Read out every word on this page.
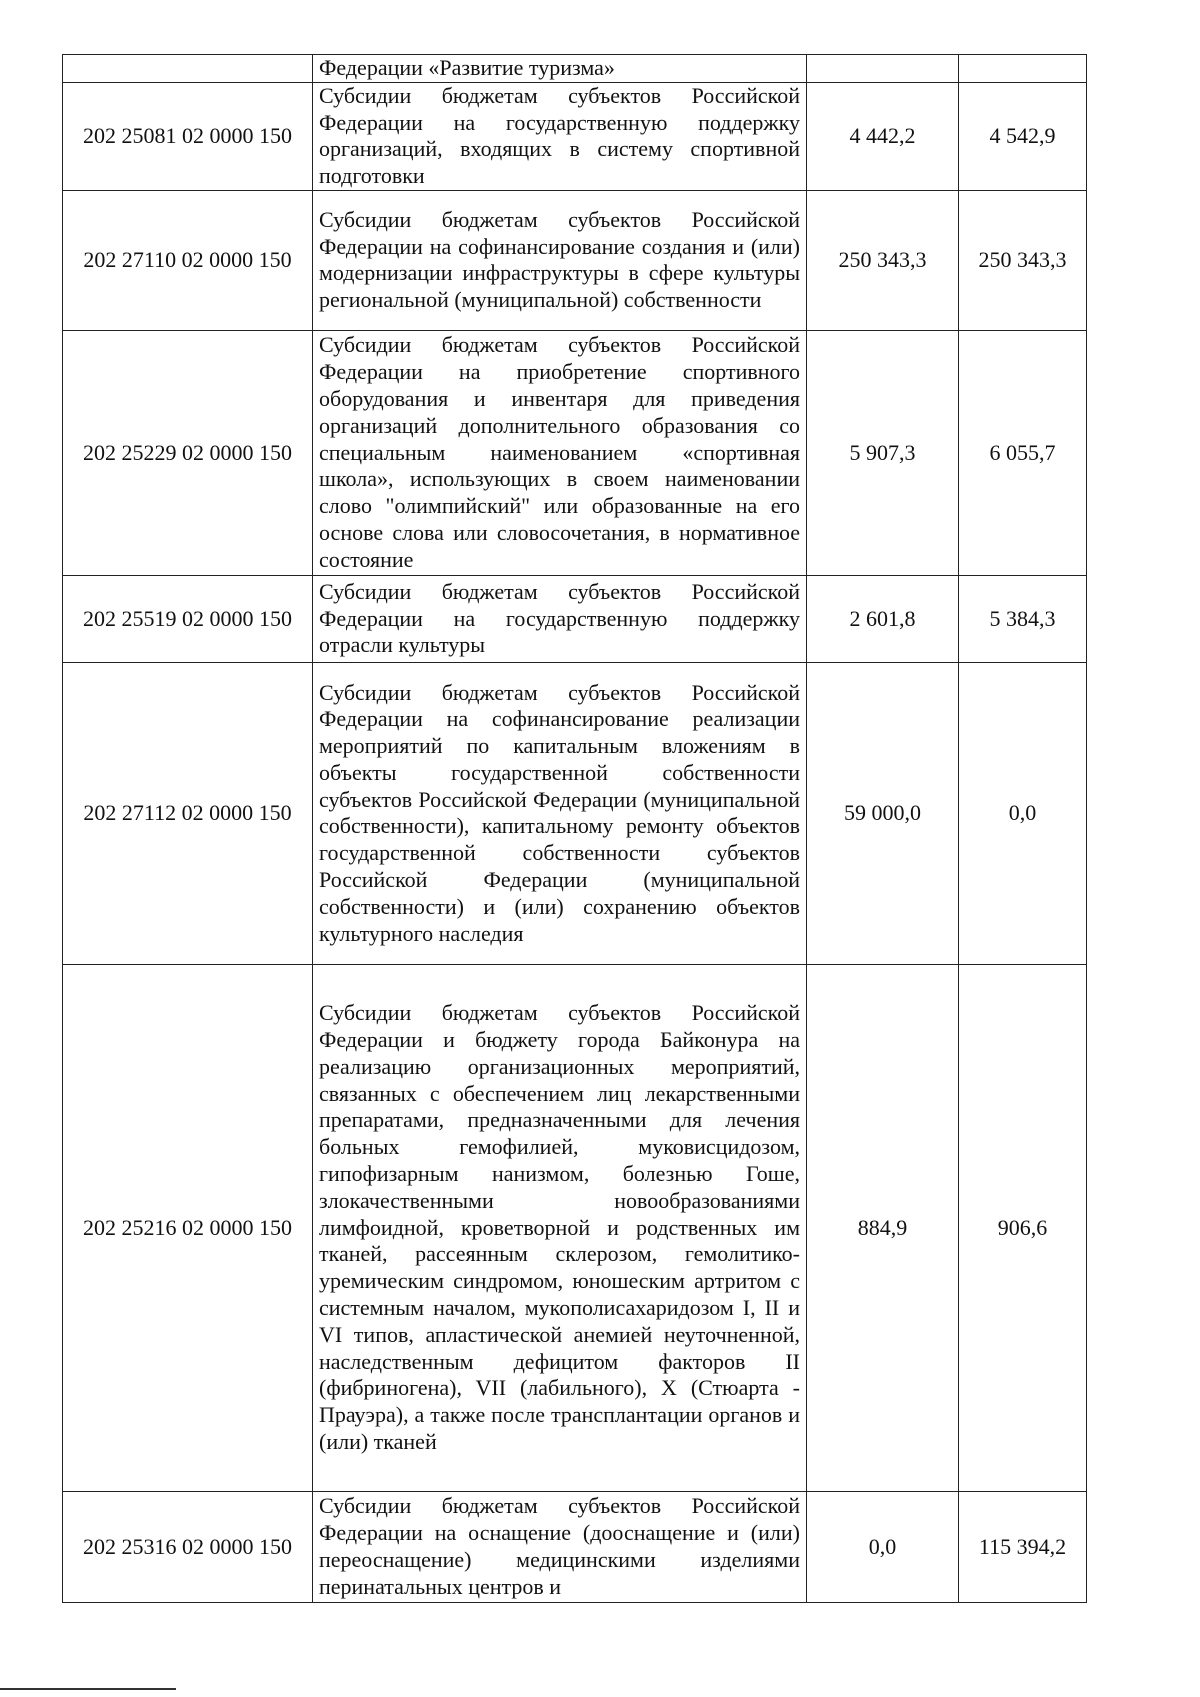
	Федерации «Развитие туризма»		
202 25081 02 0000 150	Субсидии бюджетам субъектов Российской Федерации на государственную поддержку организаций, входящих в систему спортивной подготовки	4 442,2	4 542,9
202 27110 02 0000 150	Субсидии бюджетам субъектов Российской Федерации на софинансирование создания и (или) модернизации инфраструктуры в сфере культуры региональной (муниципальной) собственности	250 343,3	250 343,3
202 25229 02 0000 150	Субсидии бюджетам субъектов Российской Федерации на приобретение спортивного оборудования и инвентаря для приведения организаций дополнительного образования со специальным наименованием «спортивная школа», использующих в своем наименовании слово "олимпийский" или образованные на его основе слова или словосочетания, в нормативное состояние	5 907,3	6 055,7
202 25519 02 0000 150	Субсидии бюджетам субъектов Российской Федерации на государственную поддержку отрасли культуры	2 601,8	5 384,3
202 27112 02 0000 150	Субсидии бюджетам субъектов Российской Федерации на софинансирование реализации мероприятий по капитальным вложениям в объекты государственной собственности субъектов Российской Федерации (муниципальной собственности), капитальному ремонту объектов государственной собственности субъектов Российской Федерации (муниципальной собственности) и (или) сохранению объектов культурного наследия	59 000,0	0,0
202 25216 02 0000 150	Субсидии бюджетам субъектов Российской Федерации и бюджету города Байконура на реализацию организационных мероприятий, связанных с обеспечением лиц лекарственными препаратами, предназначенными для лечения больных гемофилией, муковисцидозом, гипофизарным нанизмом, болезнью Гоше, злокачественными новообразованиями лимфоидной, кроветворной и родственных им тканей, рассеянным склерозом, гемолитико-уремическим синдромом, юношеским артритом с системным началом, мукополисахаридозом I, II и VI типов, апластической анемией неуточненной, наследственным дефицитом факторов II (фибриногена), VII (лабильного), X (Стюарта - Прауэра), а также после трансплантации органов и (или) тканей	884,9	906,6
202 25316 02 0000 150	Субсидии бюджетам субъектов Российской Федерации на оснащение (дооснащение и (или) переоснащение) медицинскими изделиями перинатальных центров и	0,0	115 394,2
